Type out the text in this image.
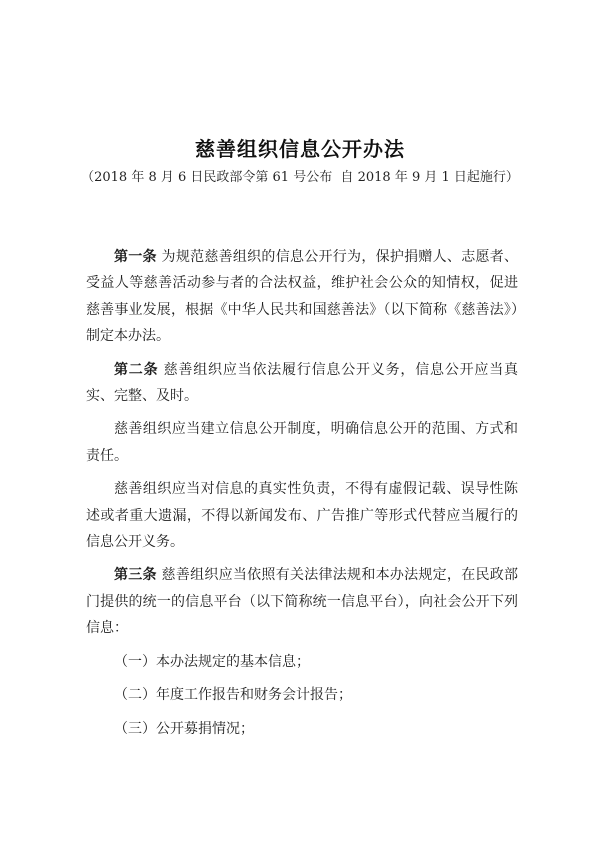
慈善组织信息公开办法
（2018 年 8 月 6 日民政部令第 61 号公布  自 2018 年 9 月 1 日起施行）

第一条 为规范慈善组织的信息公开行为，保护捐赠人、志愿者、受益人等慈善活动参与者的合法权益，维护社会公众的知情权，促进慈善事业发展，根据《中华人民共和国慈善法》（以下简称《慈善法》）制定本办法。

第二条 慈善组织应当依法履行信息公开义务，信息公开应当真实、完整、及时。

慈善组织应当建立信息公开制度，明确信息公开的范围、方式和责任。

慈善组织应当对信息的真实性负责，不得有虚假记载、误导性陈述或者重大遗漏，不得以新闻发布、广告推广等形式代替应当履行的信息公开义务。

第三条 慈善组织应当依照有关法律法规和本办法规定，在民政部门提供的统一的信息平台（以下简称统一信息平台），向社会公开下列信息：

（一）本办法规定的基本信息；

（二）年度工作报告和财务会计报告；

（三）公开募捐情况；
